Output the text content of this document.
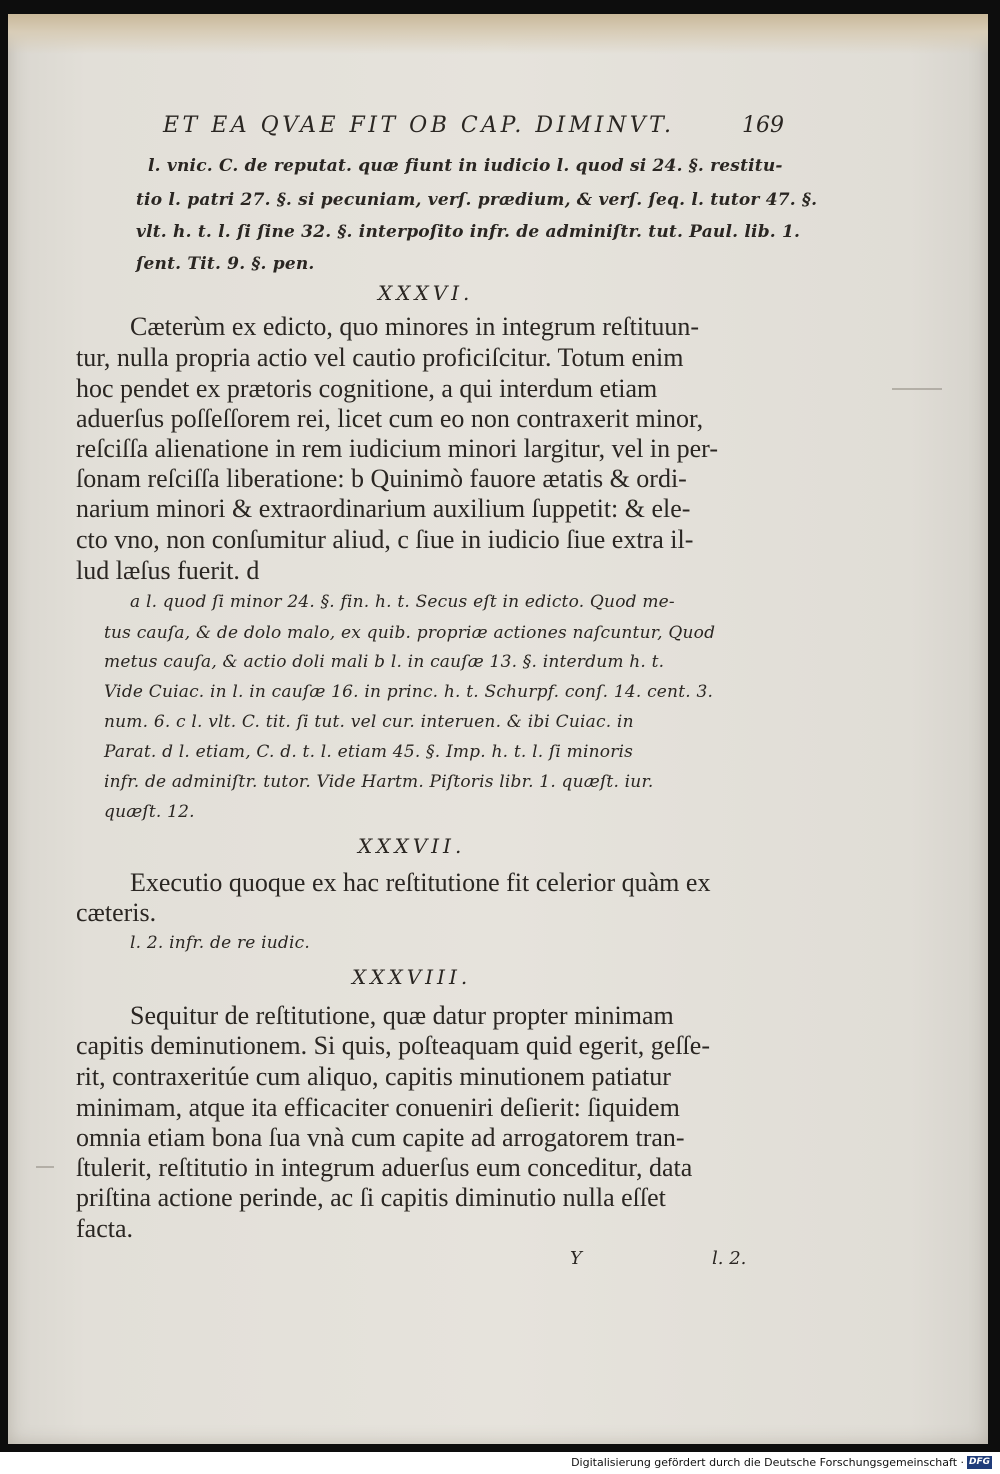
ET EA QVAE FIT OB CAP. DIMINVT.	169
l. vnic. C. de reputat. quæ fiunt in iudicio l. quod si 24. §. restitu-
tio l. patri 27. §. si pecuniam, verſ. prædium, & verſ. ſeq. l. tutor 47. §.
vlt. h. t. l. ſi ſine 32. §. interpoſito infr. de adminiſtr. tut. Paul. lib. 1.
ſent. Tit. 9. §. pen.
XXXVI.
Cæterùm ex edicto, quo minores in integrum reſtituun-
tur, nulla propria actio vel cautio proficiſcitur. Totum enim
hoc pendet ex prætoris cognitione, a qui interdum etiam
aduerſus poſſeſſorem rei, licet cum eo non contraxerit minor,
reſciſſa alienatione in rem iudicium minori largitur, vel in per-
ſonam reſciſſa liberatione: b Quinimò fauore ætatis & ordi-
narium minori & extraordinarium auxilium ſuppetit: & ele-
cto vno, non conſumitur aliud, c ſiue in iudicio ſiue extra il-
lud læſus fuerit. d
a l. quod ſi minor 24. §. fin. h. t. Secus eſt in edicto. Quod me-
tus cauſa, & de dolo malo, ex quib. propriæ actiones naſcuntur, Quod
metus cauſa, & actio doli mali b l. in cauſæ 13. §. interdum h. t.
Vide Cuiac. in l. in cauſæ 16. in princ. h. t. Schurpf. conſ. 14. cent. 3.
num. 6. c l. vlt. C. tit. ſi tut. vel cur. interuen. & ibi Cuiac. in
Parat. d l. etiam, C. d. t. l. etiam 45. §. Imp. h. t. l. ſi minoris
infr. de adminiſtr. tutor. Vide Hartm. Piſtoris libr. 1. quæſt. iur.
quæſt. 12.
XXXVII.
Executio quoque ex hac reſtitutione fit celerior quàm ex
cæteris.
l. 2. infr. de re iudic.
XXXVIII.
Sequitur de reſtitutione, quæ datur propter minimam
capitis deminutionem. Si quis, poſteaquam quid egerit, geſſe-
rit, contraxeritúe cum aliquo, capitis minutionem patiatur
minimam, atque ita efficaciter conueniri deſierit: ſiquidem
omnia etiam bona ſua vnà cum capite ad arrogatorem tran-
ſtulerit, reſtitutio in integrum aduerſus eum conceditur, data
priſtina actione perinde, ac ſi capitis diminutio nulla eſſet
facta.
Y	l. 2.
Digitalisierung gefördert durch die Deutsche Forschungsgemeinschaft · DFG
